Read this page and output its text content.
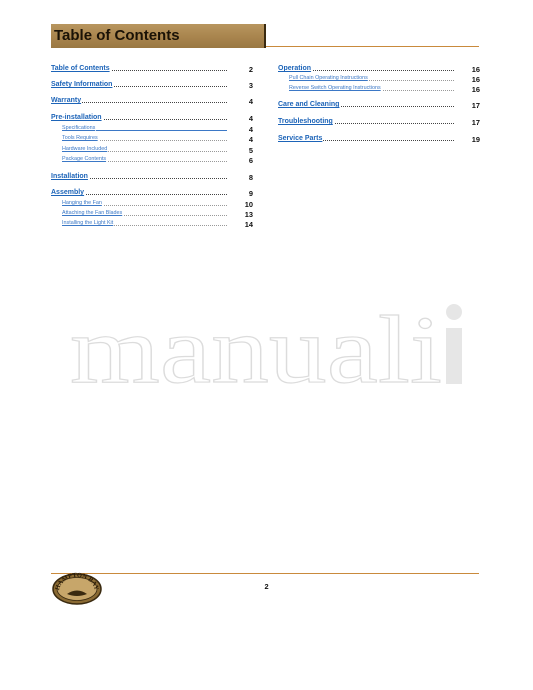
Table of Contents
Table of Contents	2
Safety Information	3
Warranty	4
Pre-installation	4
Specifications	4
Tools Requires	4
Hardware Included	5
Package Contents	6
Installation	8
Assembly	9
Hanging the Fan	10
Attaching the Fan Blades	13
Installing the Light Kit	14
Operation	16
Pull Chain Operating Instructions	16
Reverse Switch Operating Instructions	16
Care and Cleaning	17
Troubleshooting	17
Service Parts	19
manuali
HAMPTON BAY	2
